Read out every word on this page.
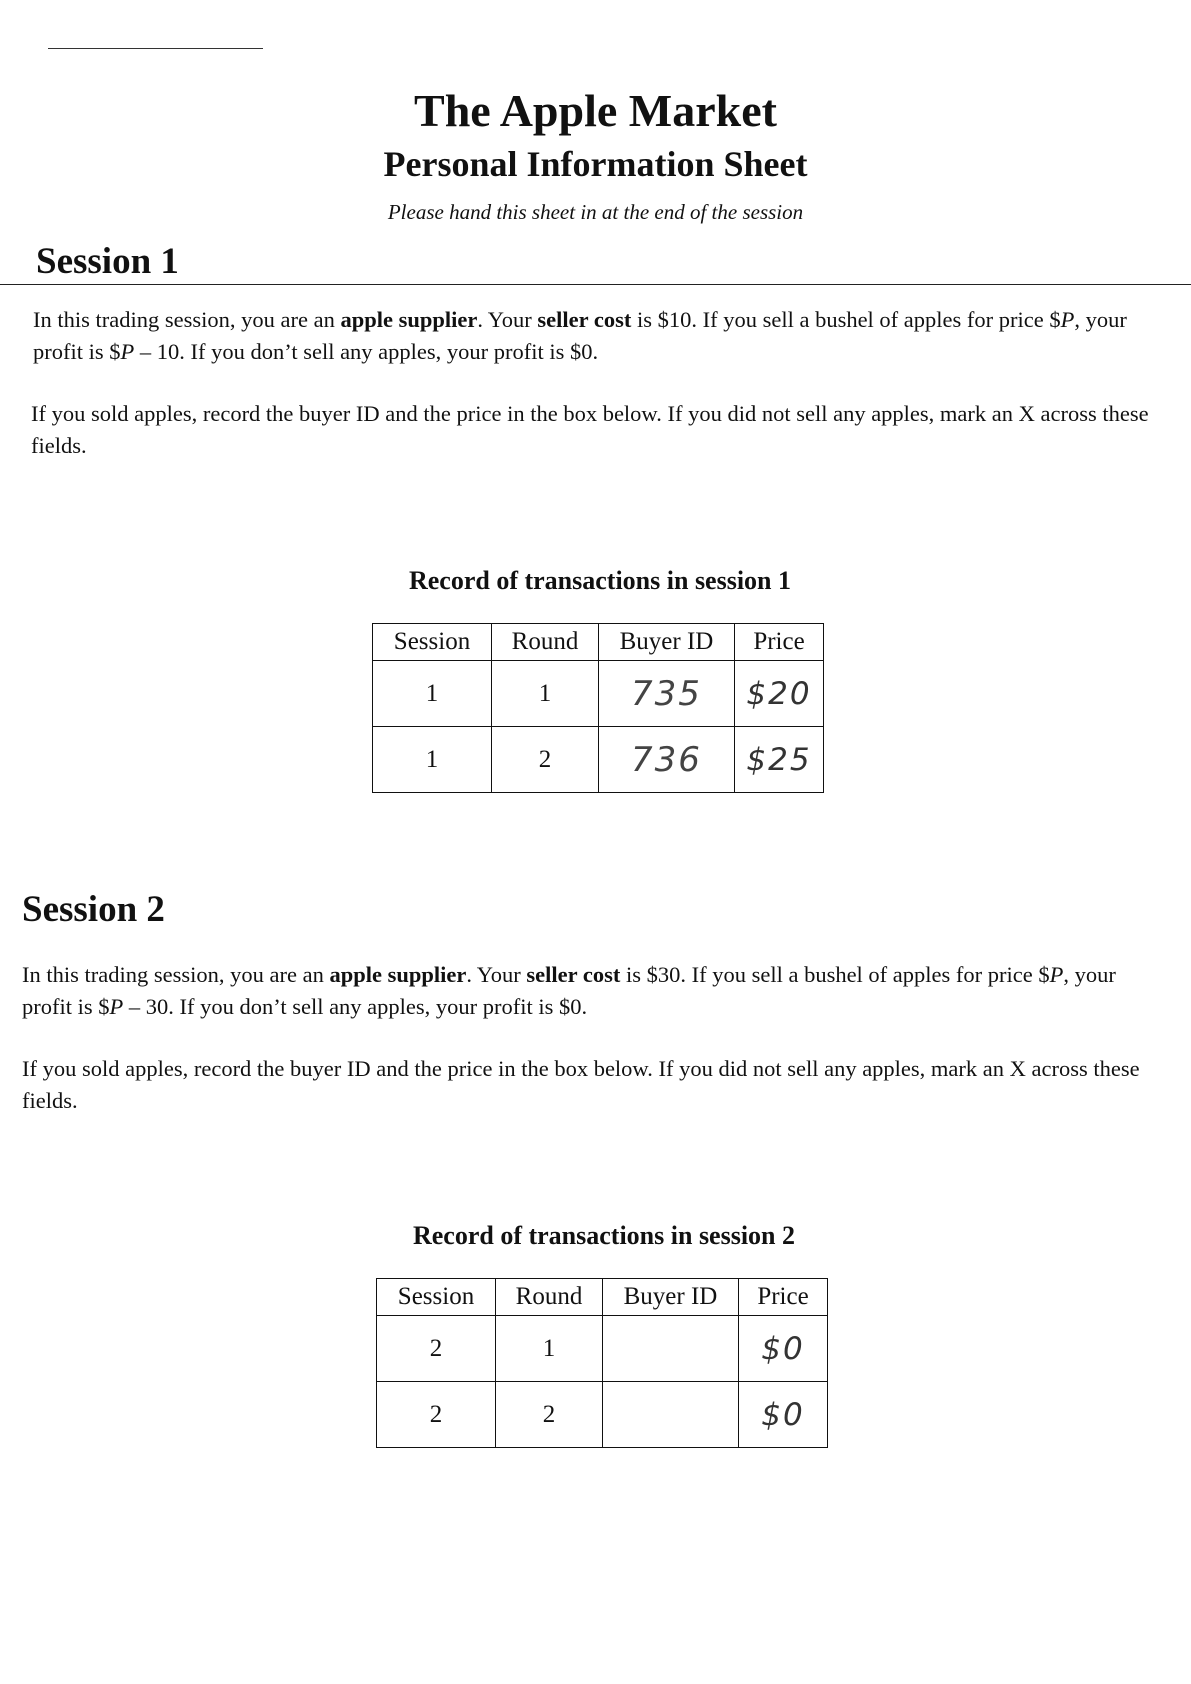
The Apple Market
Personal Information Sheet
Please hand this sheet in at the end of the session
Session 1
In this trading session, you are an apple supplier. Your seller cost is $10. If you sell a bushel of apples for price $P, your profit is $P – 10. If you don’t sell any apples, your profit is $0.
If you sold apples, record the buyer ID and the price in the box below. If you did not sell any apples, mark an X across these fields.
Record of transactions in session 1
Session	Round	Buyer ID	Price
1	1	735	$20
1	2	736	$25
Session 2
In this trading session, you are an apple supplier. Your seller cost is $30. If you sell a bushel of apples for price $P, your profit is $P – 30. If you don’t sell any apples, your profit is $0.
If you sold apples, record the buyer ID and the price in the box below. If you did not sell any apples, mark an X across these fields.
Record of transactions in session 2
Session	Round	Buyer ID	Price
2	1		$0
2	2		$0
